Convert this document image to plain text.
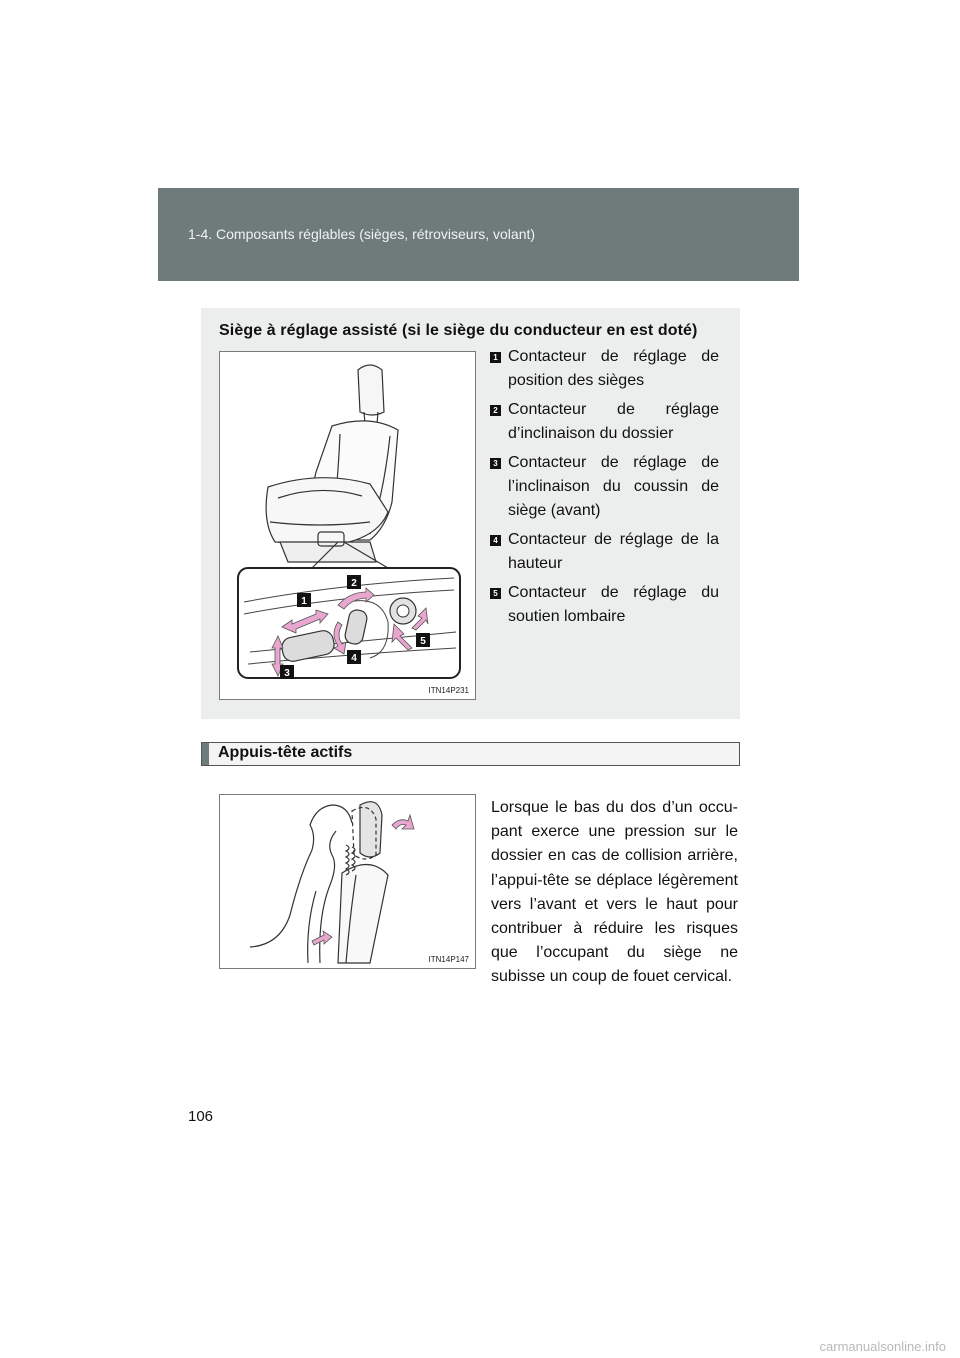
1-4. Composants réglables (sièges, rétroviseurs, volant)
Siège à réglage assisté (si le siège du conducteur en est doté)
1
2
3
4
5
ITN14P231
1 Contacteur de réglage de position des sièges
2 Contacteur de réglage d’inclinaison du dossier
3 Contacteur de réglage de l’inclinaison du coussin de siège (avant)
4 Contacteur de réglage de la hauteur
5 Contacteur de réglage du soutien lombaire
Appuis-tête actifs
ITN14P147
Lorsque le bas du dos d’un occupant exerce une pression sur le dossier en cas de collision arrière, l’appui-tête se déplace légèrement vers l’avant et vers le haut pour contribuer à réduire les risques que l’occupant du siège ne subisse un coup de fouet cervical.
106
carmanualsonline.info
